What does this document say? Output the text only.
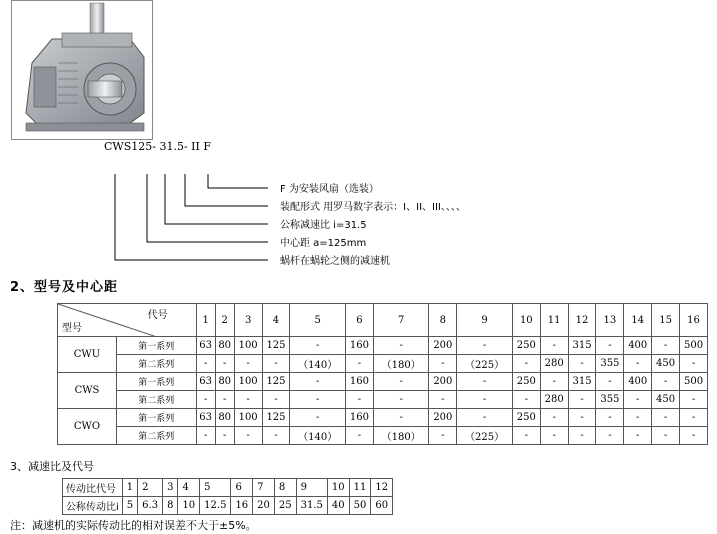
CWS125- 31.5- II F
F 为安装风扇（选装）
装配形式 用罗马数字表示：I、II、III、、、、
公称减速比 i=31.5
中心距 a=125mm
蜗杆在蜗轮之侧的减速机
2、型号及中心距
代号
型号		1	2	3	4	5	6	7	8	9	10	11	12	13	14	15	16
CWU	第一系列	63	80	100	125	-	160	-	200	-	250	-	315	-	400	-	500
	第二系列	-	-	-	-	（140）	-	（180）	-	（225）	-	280	-	355	-	450	-
CWS	第一系列	63	80	100	125	-	160	-	200	-	250	-	315	-	400	-	500
	第二系列	-	-	-	-	-	-	-	-	-	-	280	-	355	-	450	-
CWO	第一系列	63	80	100	125	-	160	-	200	-	250	-	-	-	-	-	-
	第二系列	-	-	-	-	（140）	-	（180）	-	（225）	-	-	-	-	-	-	-
3、减速比及代号
传动比代号	1	2	3	4	5	6	7	8	9	10	11	12
公称传动比i	5	6.3	8	10	12.5	16	20	25	31.5	40	50	60
注：减速机的实际传动比的相对误差不大于±5%。
